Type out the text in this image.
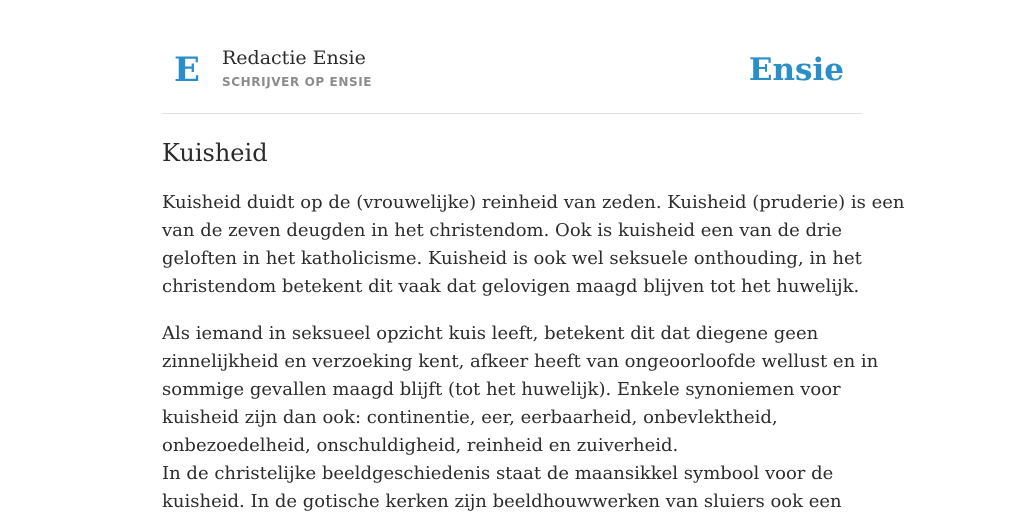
E Redactie Ensie
SCHRIJVER OP ENSIE	Ensie
Kuisheid

Kuisheid duidt op de (vrouwelijke) reinheid van zeden. Kuisheid (pruderie) is een
van de zeven deugden in het christendom. Ook is kuisheid een van de drie
geloften in het katholicisme. Kuisheid is ook wel seksuele onthouding, in het
christendom betekent dit vaak dat gelovigen maagd blijven tot het huwelijk.

Als iemand in seksueel opzicht kuis leeft, betekent dit dat diegene geen
zinnelijkheid en verzoeking kent, afkeer heeft van ongeoorloofde wellust en in
sommige gevallen maagd blijft (tot het huwelijk). Enkele synoniemen voor
kuisheid zijn dan ook: continentie, eer, eerbaarheid, onbevlektheid,
onbezoedelheid, onschuldigheid, reinheid en zuiverheid.
In de christelijke beeldgeschiedenis staat de maansikkel symbool voor de
kuisheid. In de gotische kerken zijn beeldhouwwerken van sluiers ook een
